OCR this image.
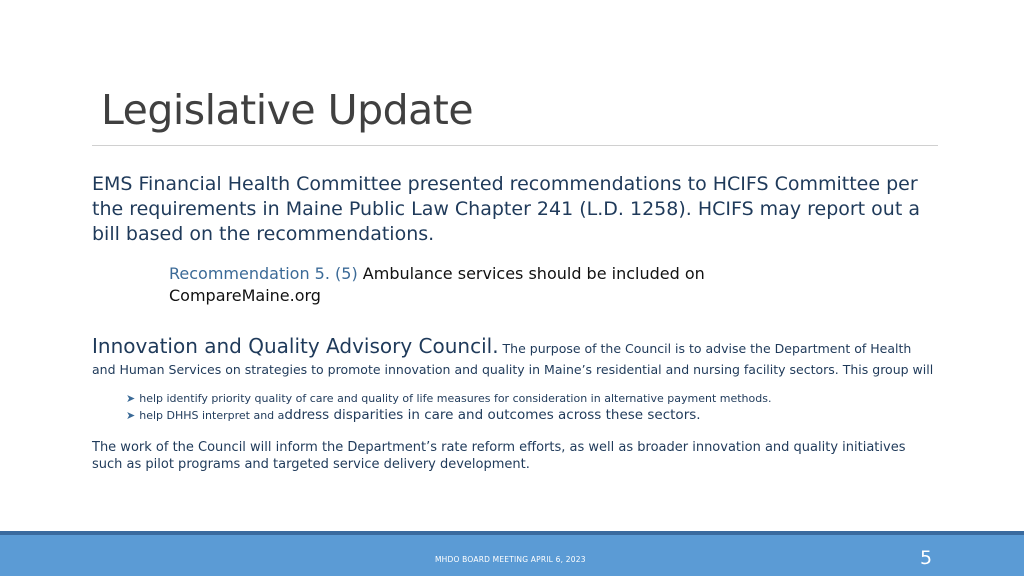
Legislative Update
EMS Financial Health Committee presented recommendations to HCIFS Committee per the requirements in Maine Public Law Chapter 241 (L.D. 1258). HCIFS may report out a bill based on the recommendations.
Recommendation 5. (5) Ambulance services should be included on CompareMaine.org
Innovation and Quality Advisory Council. The purpose of the Council is to advise the Department of Health and Human Services on strategies to promote innovation and quality in Maine’s residential and nursing facility sectors. This group will
➤ help identify priority quality of care and quality of life measures for consideration in alternative payment methods.
➤ help DHHS interpret and a ddress disparities in care and outcomes across these sectors.
The work of the Council will inform the Department’s rate reform efforts, as well as broader innovation and quality initiatives such as pilot programs and targeted service delivery development.
MHDO BOARD MEETING APRIL 6, 2023	5
